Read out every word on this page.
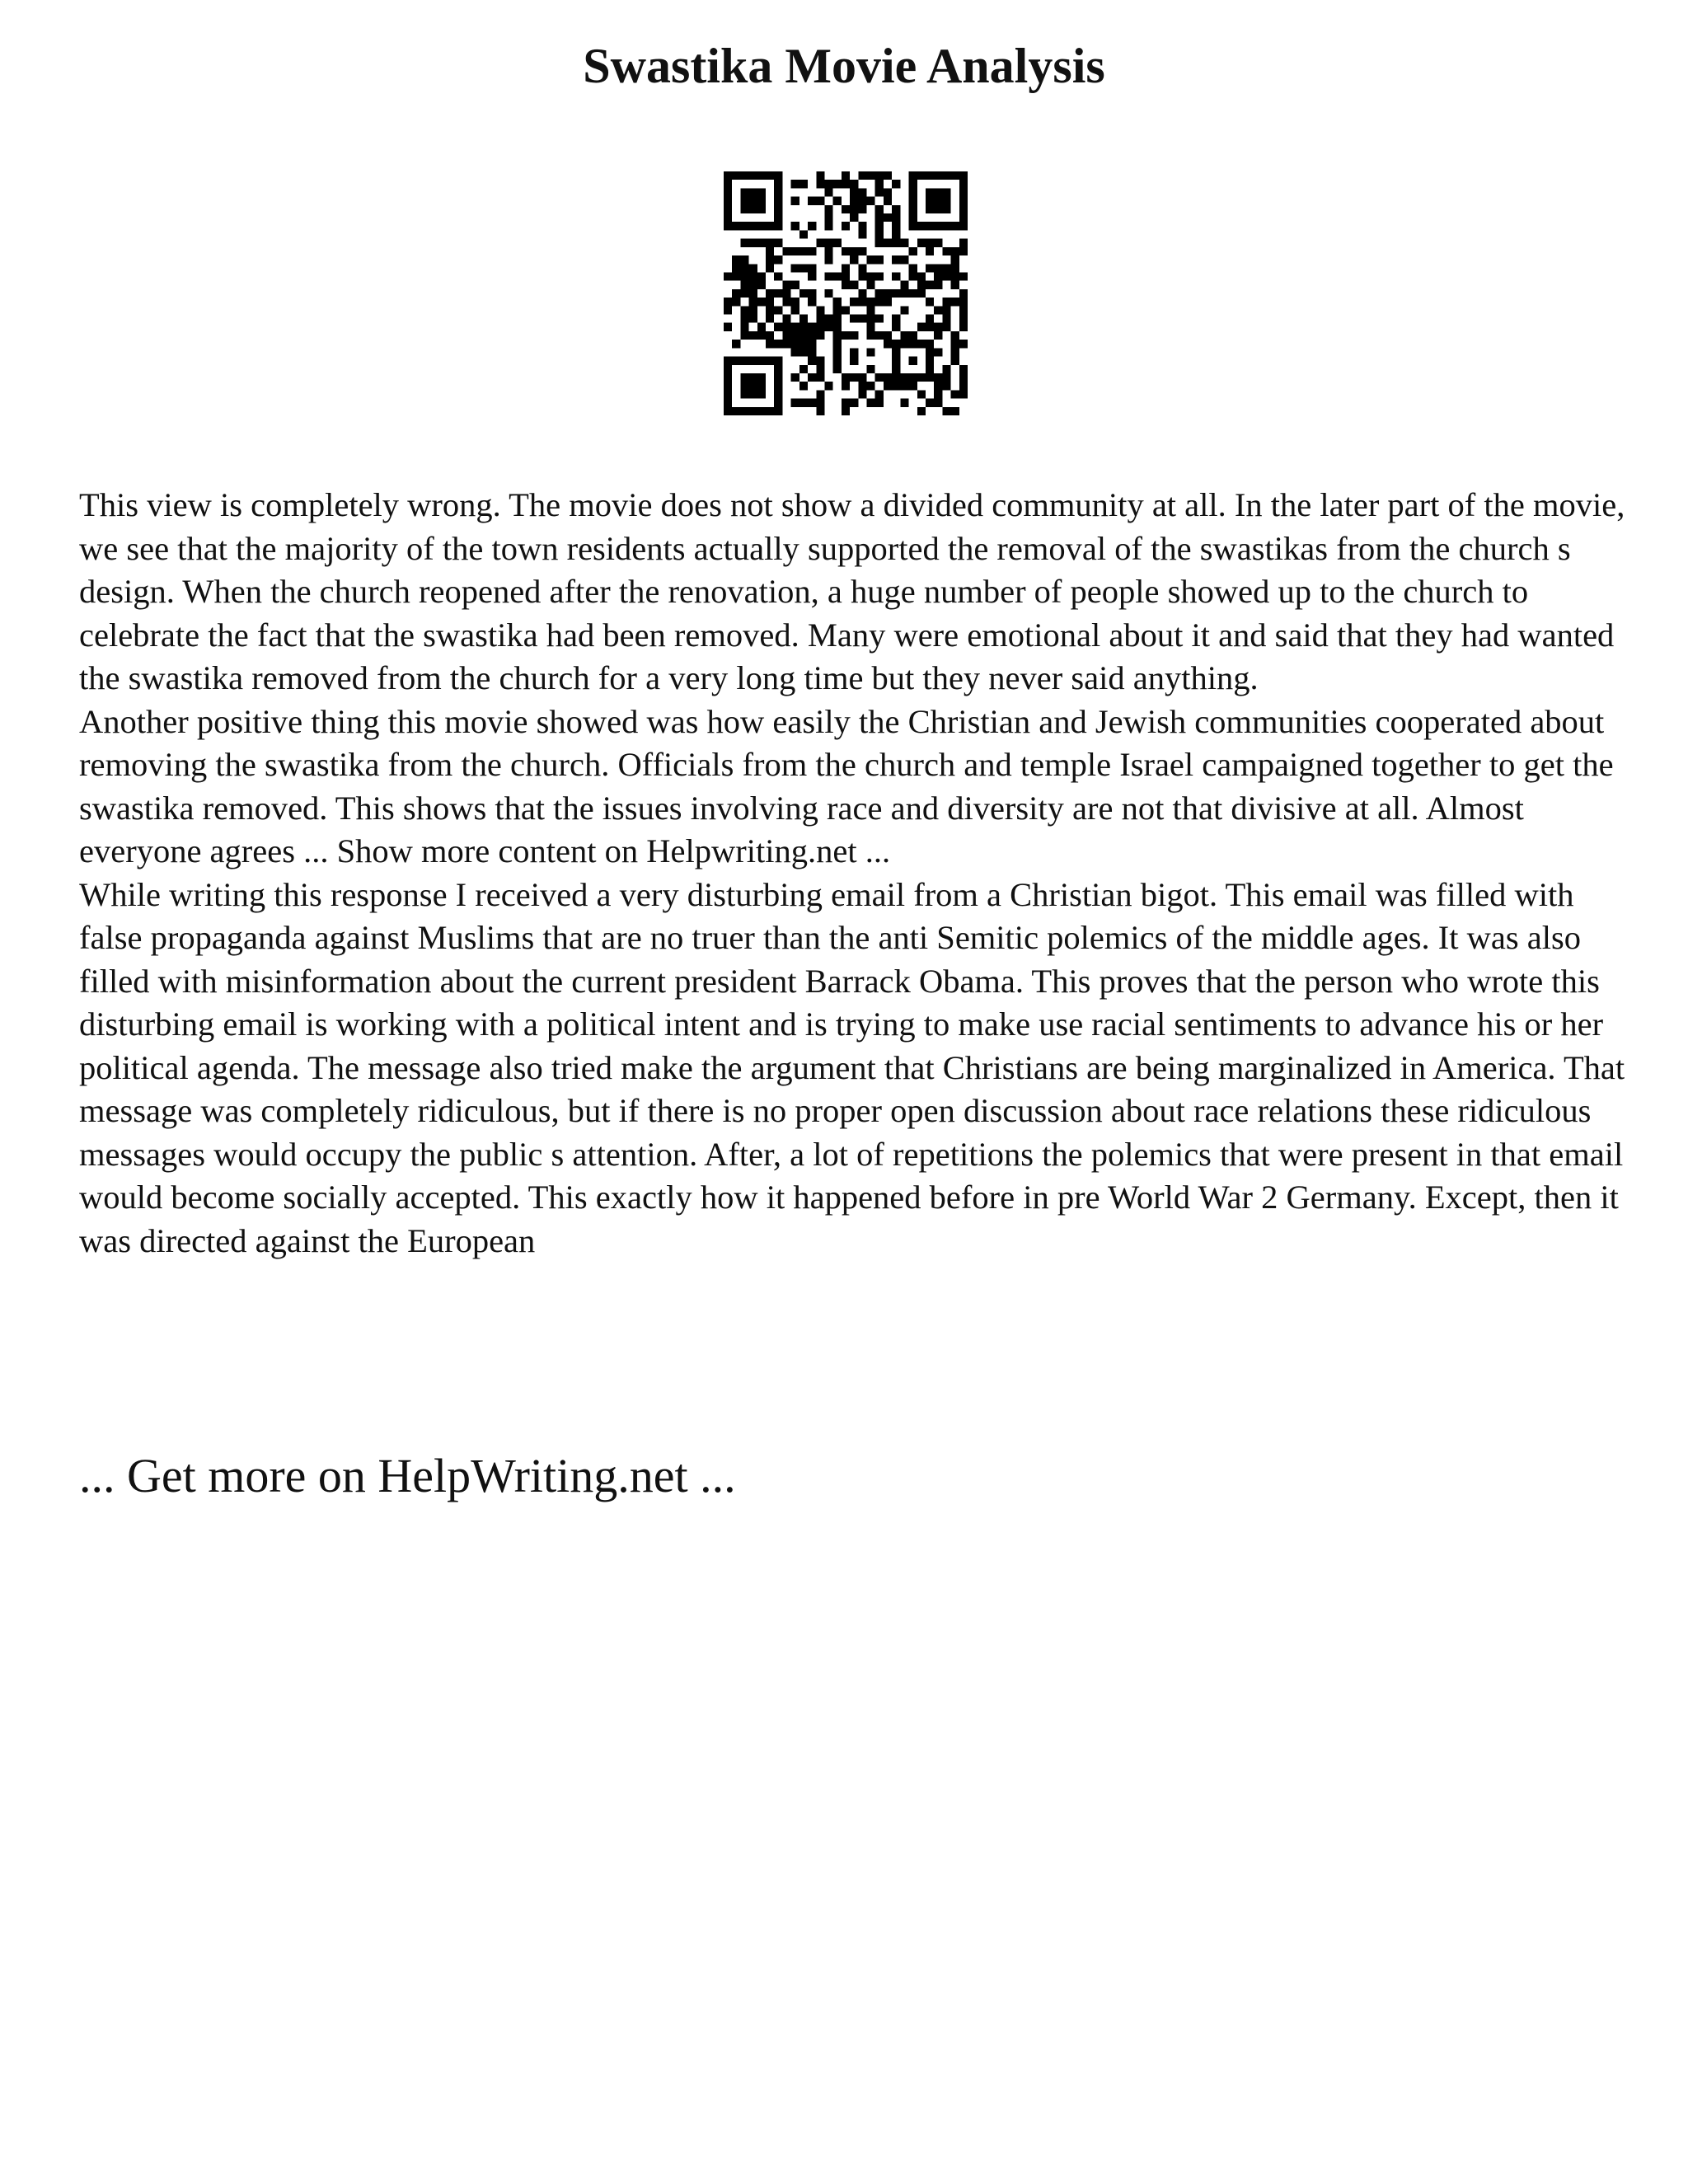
Swastika Movie Analysis

This view is completely wrong. The movie does not show a divided community at all. In the later part of the movie, we see that the majority of the town residents actually supported the removal of the swastikas from the church s design. When the church reopened after the renovation, a huge number of people showed up to the church to celebrate the fact that the swastika had been removed. Many were emotional about it and said that they had wanted the swastika removed from the church for a very long time but they never said anything.

Another positive thing this movie showed was how easily the Christian and Jewish communities cooperated about removing the swastika from the church. Officials from the church and temple Israel campaigned together to get the swastika removed. This shows that the issues involving race and diversity are not that divisive at all. Almost everyone agrees ... Show more content on Helpwriting.net ...

While writing this response I received a very disturbing email from a Christian bigot. This email was filled with false propaganda against Muslims that are no truer than the anti Semitic polemics of the middle ages. It was also filled with misinformation about the current president Barrack Obama. This proves that the person who wrote this disturbing email is working with a political intent and is trying to make use racial sentiments to advance his or her political agenda. The message also tried make the argument that Christians are being marginalized in America. That message was completely ridiculous, but if there is no proper open discussion about race relations these ridiculous messages would occupy the public s attention. After, a lot of repetitions the polemics that were present in that email would become socially accepted. This exactly how it happened before in pre World War 2 Germany. Except, then it was directed against the European

... Get more on HelpWriting.net ...
